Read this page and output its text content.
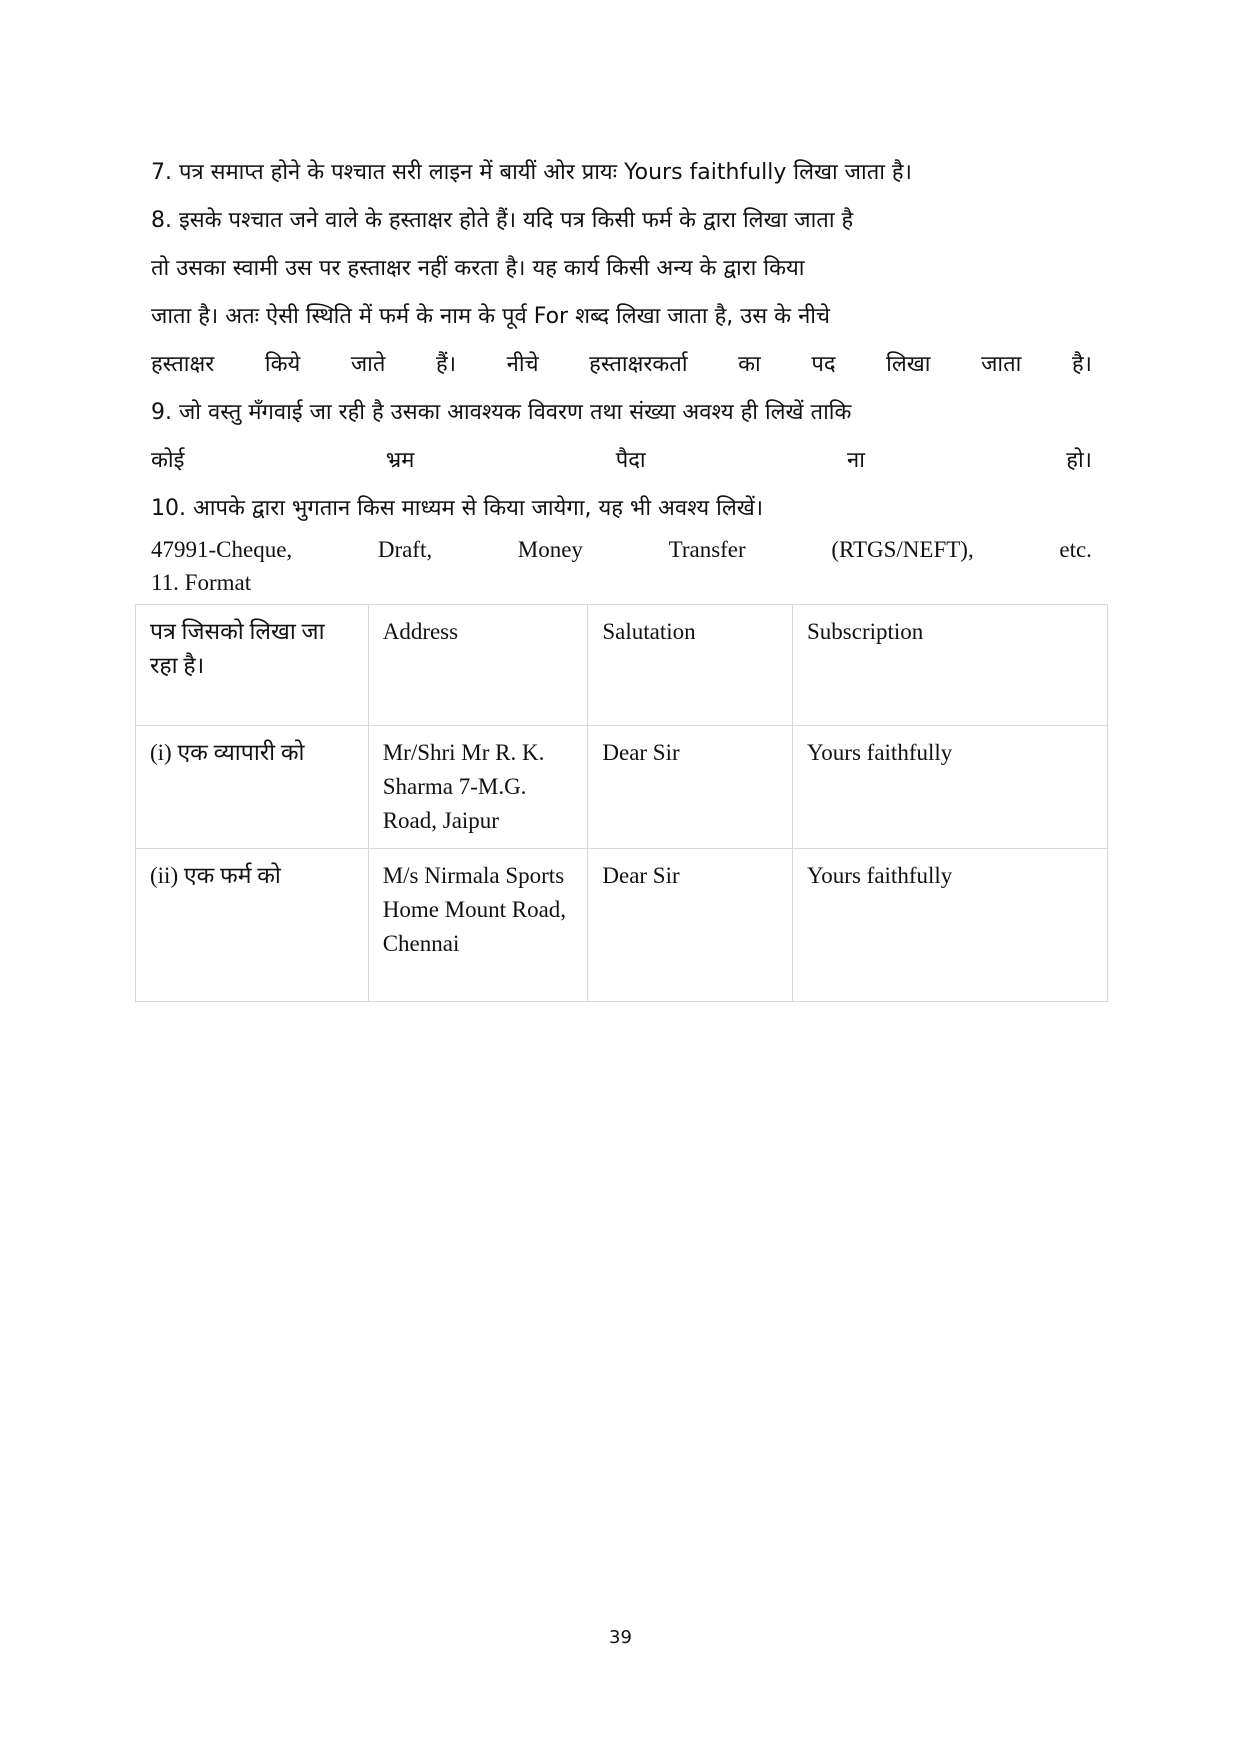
7. पत्र समाप्त होने के पश्चात सरी लाइन में बायीं ओर प्रायः Yours faithfully लिखा जाता है।
8. इसके पश्चात जने वाले के हस्ताक्षर होते हैं। यदि पत्र किसी फर्म के द्वारा लिखा जाता है
तो उसका स्वामी उस पर हस्ताक्षर नहीं करता है। यह कार्य किसी अन्य के द्वारा किया
जाता है। अतः ऐसी स्थिति में फर्म के नाम के पूर्व For शब्द लिखा जाता है, उस के नीचे
हस्ताक्षर किये जाते हैं। नीचे हस्ताक्षरकर्ता का पद लिखा जाता है।
9. जो वस्तु मँगवाई जा रही है उसका आवश्यक विवरण तथा संख्या अवश्य ही लिखें ताकि
कोई	भ्रम	पैदा	ना	हो।
10. आपके द्वारा भुगतान किस माध्यम से किया जायेगा, यह भी अवश्य लिखें।
47991-Cheque,	Draft,	Money	Transfer	(RTGS/NEFT),	etc.
11. Format
पत्र जिसको लिखा जा रहा है।	Address	Salutation	Subscription
(i) एक व्यापारी को	Mr/Shri Mr R. K. Sharma 7-M.G. Road, Jaipur	Dear Sir	Yours faithfully
(ii) एक फर्म को	M/s Nirmala Sports Home Mount Road, Chennai	Dear Sir	Yours faithfully
39
